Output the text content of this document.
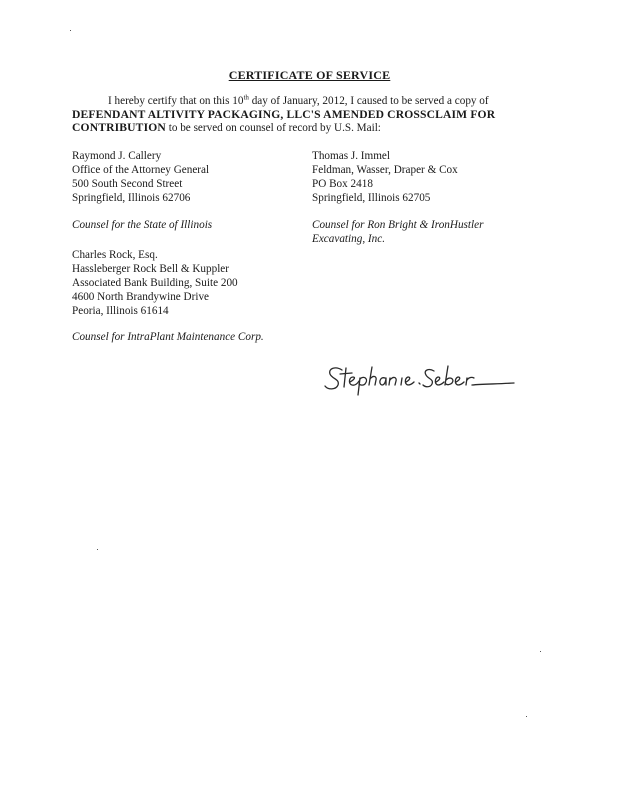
CERTIFICATE OF SERVICE
I hereby certify that on this 10th day of January, 2012, I caused to be served a copy of
DEFENDANT ALTIVITY PACKAGING, LLC'S AMENDED CROSSCLAIM FOR
CONTRIBUTION to be served on counsel of record by U.S. Mail:
Raymond J. Callery
Office of the Attorney General
500 South Second Street
Springfield, Illinois 62706
Counsel for the State of Illinois
Thomas J. Immel
Feldman, Wasser, Draper & Cox
PO Box 2418
Springfield, Illinois 62705
Counsel for Ron Bright & IronHustler
Excavating, Inc.
Charles Rock, Esq.
Hassleberger Rock Bell & Kuppler
Associated Bank Building, Suite 200
4600 North Brandywine Drive
Peoria, Illinois 61614
Counsel for IntraPlant Maintenance Corp.
